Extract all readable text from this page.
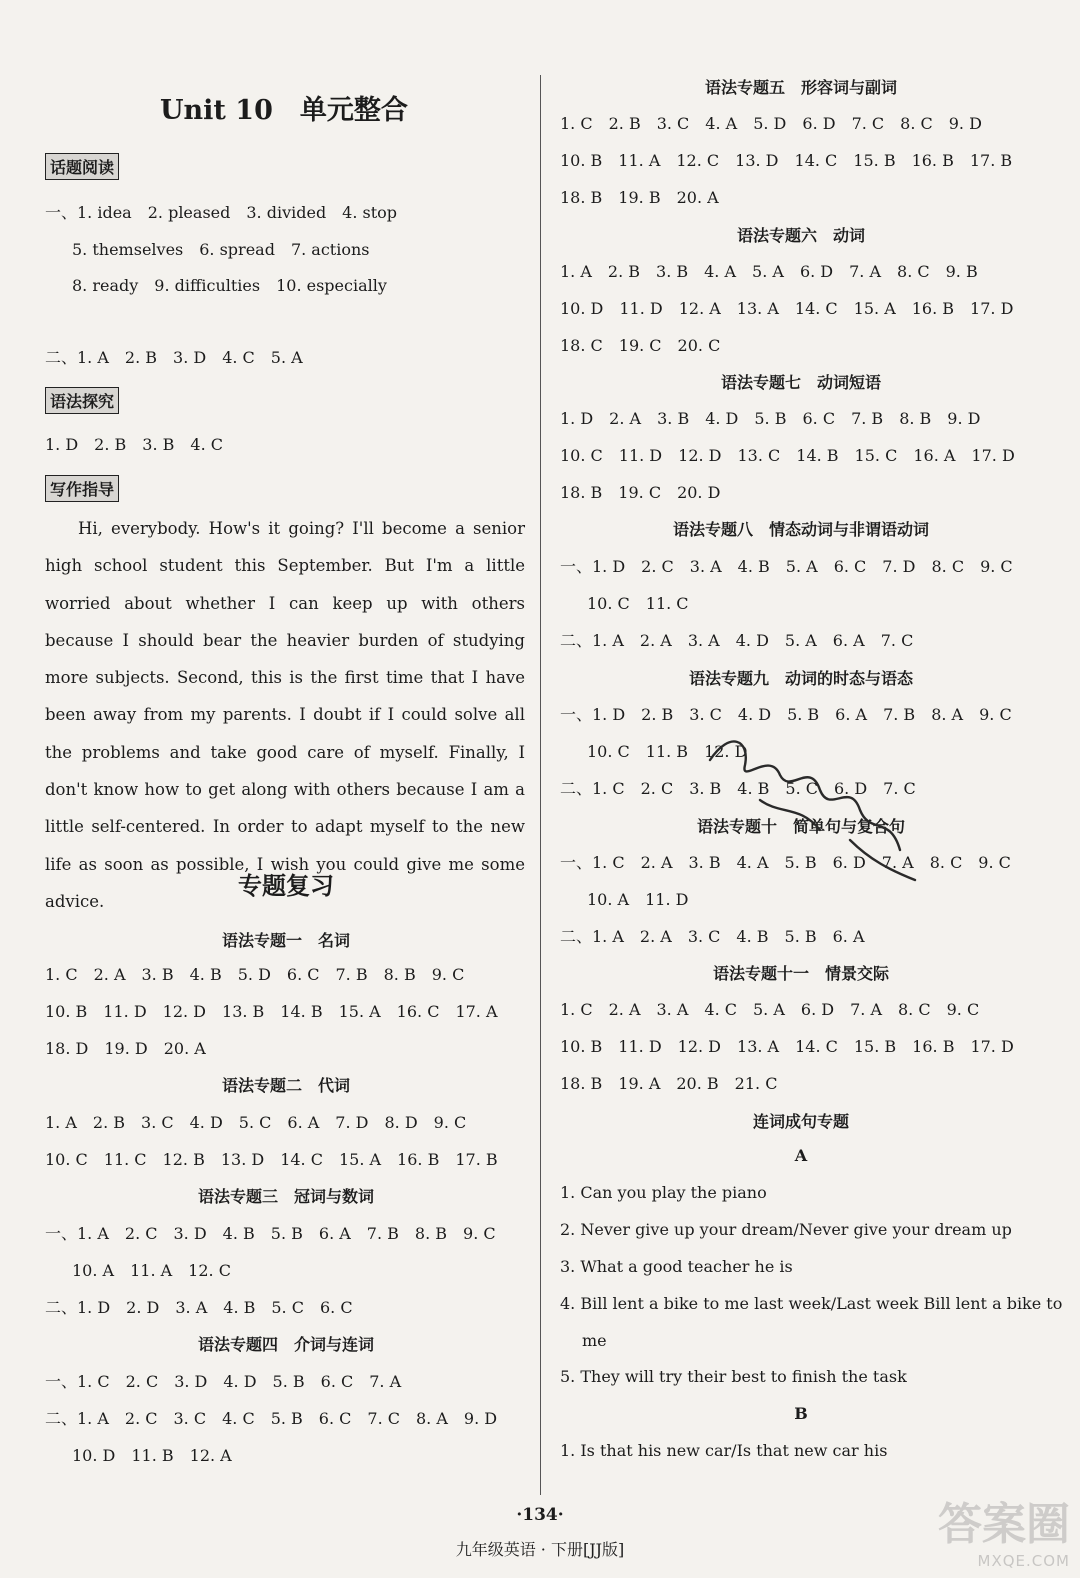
Unit 10　单元整合
话题阅读
一、1. idea　2. pleased　3. divided　4. stop
5. themselves　6. spread　7. actions
8. ready　9. difficulties　10. especially
二、1. A　2. B　3. D　4. C　5. A
语法探究
1. D　2. B　3. B　4. C
写作指导
Hi, everybody. How's it going? I'll become a senior high school student this September. But I'm a little worried about whether I can keep up with others because I should bear the heavier burden of studying more subjects. Second, this is the first time that I have been away from my parents. I doubt if I could solve all the problems and take good care of myself. Finally, I don't know how to get along with others because I am a little self-centered. In order to adapt myself to the new life as soon as possible, I wish you could give me some advice.
专题复习
语法专题一　名词
1. C　2. A　3. B　4. B　5. D　6. C　7. B　8. B　9. C
10. B　11. D　12. D　13. B　14. B　15. A　16. C　17. A
18. D　19. D　20. A
语法专题二　代词
1. A　2. B　3. C　4. D　5. C　6. A　7. D　8. D　9. C
10. C　11. C　12. B　13. D　14. C　15. A　16. B　17. B
语法专题三　冠词与数词
一、1. A　2. C　3. D　4. B　5. B　6. A　7. B　8. B　9. C
10. A　11. A　12. C
二、1. D　2. D　3. A　4. B　5. C　6. C
语法专题四　介词与连词
一、1. C　2. C　3. D　4. D　5. B　6. C　7. A
二、1. A　2. C　3. C　4. C　5. B　6. C　7. C　8. A　9. D
10. D　11. B　12. A
语法专题五　形容词与副词
1. C　2. B　3. C　4. A　5. D　6. D　7. C　8. C　9. D
10. B　11. A　12. C　13. D　14. C　15. B　16. B　17. B
18. B　19. B　20. A
语法专题六　动词
1. A　2. B　3. B　4. A　5. A　6. D　7. A　8. C　9. B
10. D　11. D　12. A　13. A　14. C　15. A　16. B　17. D
18. C　19. C　20. C
语法专题七　动词短语
1. D　2. A　3. B　4. D　5. B　6. C　7. B　8. B　9. D
10. C　11. D　12. D　13. C　14. B　15. C　16. A　17. D
18. B　19. C　20. D
语法专题八　情态动词与非谓语动词
一、1. D　2. C　3. A　4. B　5. A　6. C　7. D　8. C　9. C
10. C　11. C
二、1. A　2. A　3. A　4. D　5. A　6. A　7. C
语法专题九　动词的时态与语态
一、1. D　2. B　3. C　4. D　5. B　6. A　7. B　8. A　9. C
10. C　11. B　12. D
二、1. C　2. C　3. B　4. B　5. C　6. D　7. C
语法专题十　简单句与复合句
一、1. C　2. A　3. B　4. A　5. B　6. D　7. A　8. C　9. C
10. A　11. D
二、1. A　2. A　3. C　4. B　5. B　6. A
语法专题十一　情景交际
1. C　2. A　3. A　4. C　5. A　6. D　7. A　8. C　9. C
10. B　11. D　12. D　13. A　14. C　15. B　16. B　17. D
18. B　19. A　20. B　21. C
连词成句专题
A
1. Can you play the piano
2. Never give up your dream/Never give your dream up
3. What a good teacher he is
4. Bill lent a bike to me last week/Last week Bill lent a bike to
me
5. They will try their best to finish the task
B
1. Is that his new car/Is that new car his
·134·
九年级英语 · 下册[JJ版]	答案圈
MXQE.COM
